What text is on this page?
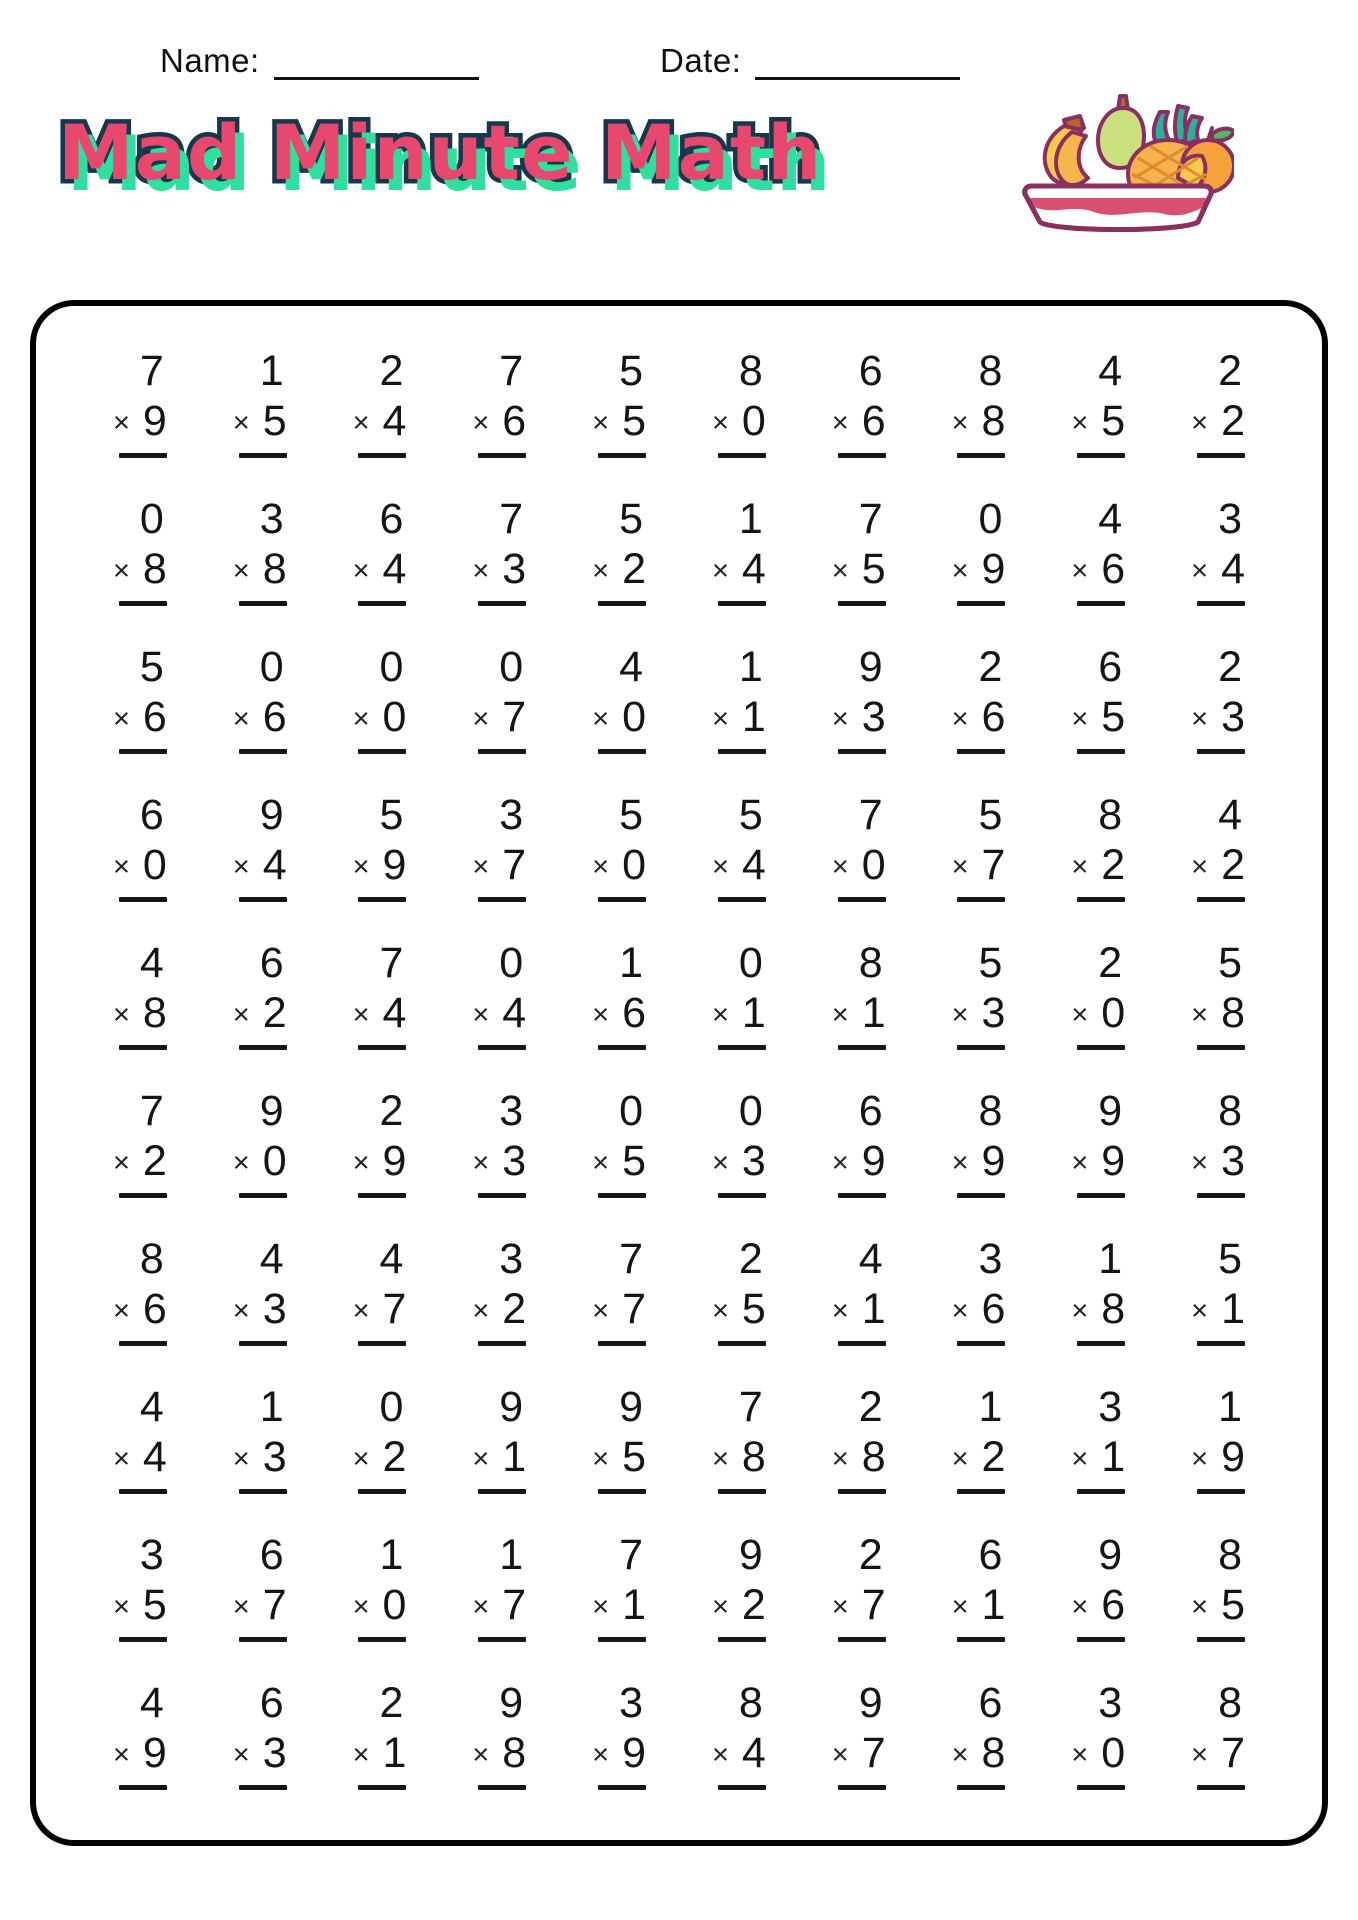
Name:	Date:
Mad Minute Math
7
× 9
1
× 5
2
× 4
7
× 6
5
× 5
8
× 0
6
× 6
8
× 8
4
× 5
2
× 2
0
× 8
3
× 8
6
× 4
7
× 3
5
× 2
1
× 4
7
× 5
0
× 9
4
× 6
3
× 4
5
× 6
0
× 6
0
× 0
0
× 7
4
× 0
1
× 1
9
× 3
2
× 6
6
× 5
2
× 3
6
× 0
9
× 4
5
× 9
3
× 7
5
× 0
5
× 4
7
× 0
5
× 7
8
× 2
4
× 2
4
× 8
6
× 2
7
× 4
0
× 4
1
× 6
0
× 1
8
× 1
5
× 3
2
× 0
5
× 8
7
× 2
9
× 0
2
× 9
3
× 3
0
× 5
0
× 3
6
× 9
8
× 9
9
× 9
8
× 3
8
× 6
4
× 3
4
× 7
3
× 2
7
× 7
2
× 5
4
× 1
3
× 6
1
× 8
5
× 1
4
× 4
1
× 3
0
× 2
9
× 1
9
× 5
7
× 8
2
× 8
1
× 2
3
× 1
1
× 9
3
× 5
6
× 7
1
× 0
1
× 7
7
× 1
9
× 2
2
× 7
6
× 1
9
× 6
8
× 5
4
× 9
6
× 3
2
× 1
9
× 8
3
× 9
8
× 4
9
× 7
6
× 8
3
× 0
8
× 7
